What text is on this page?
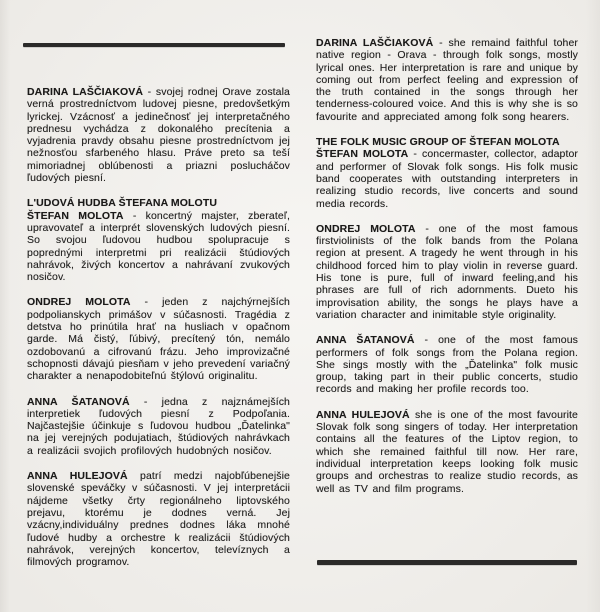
DARINA LAŠČIAKOVÁ - svojej rodnej Orave zostala verná prostredníctvom ludovej piesne, predovšetkým lyrickej. Vzácnosť a jedinečnosť jej interpretačného prednesu vychádza z dokonalého precítenia a vyjadrenia pravdy obsahu piesne prostredníctvom jej nežnosťou sfarbeného hlasu. Práve preto sa teší mimoriadnej oblúbenosti a priazni poslucháčov ľudových piesní.

L'UDOVÁ HUDBA ŠTEFANA MOLOTU

ŠTEFAN MOLOTA - koncertný majster, zberateľ, upravovateľ a interprét slovenských ludových piesní. So svojou ľudovou hudbou spolupracuje s poprednými interpretmi pri realizácii štúdiových nahrávok, živých koncertov a nahrávaní zvukových nosičov.

ONDREJ MOLOTA - jeden z najchýrnejších podpolianskych primášov v súčasnosti. Tragédia z detstva ho prinútila hrať na husliach v opačnom garde. Má čistý, ľúbivý, precítený tón, nemálo ozdobovanú a cifrovanú frázu. Jeho improvizačné schopnosti dávajú piesňam v jeho prevedení variačný charakter a nenapodobiteľnú štýlovú originalitu.

ANNA ŠATANOVÁ - jedna z najznámejších interpretiek ľudových piesní z Podpoľania. Najčastejšie účinkuje s ľudovou hudbou „Ďatelinka" na jej verejných podujatiach, štúdiových nahrávkach a realizácii svojich profilových hudobných nosičov.

ANNA HULEJOVÁ patrí medzi najobľúbenejšie slovenské speváčky v súčasnosti. V jej interpretácii nájdeme všetky črty regionálneho liptovského prejavu, ktorému je dodnes verná. Jej vzácny,individuálny prednes dodnes láka mnohé ľudové hudby a orchestre k realizácii štúdiových nahrávok, verejných koncertov, televíznych a filmových programov.

DARINA LAŠČIAKOVÁ - she remaind faithful toher native region - Orava - through folk songs, mostly lyrical ones. Her interpretation is rare and unique by coming out from perfect feeling and expression of the truth contained in the songs through her tenderness-coloured voice. And this is why she is so favourite and appreciated among folk song hearers.

THE FOLK MUSIC GROUP OF ŠTEFAN MOLOTA

ŠTEFAN MOLOTA - concermaster, collector, adaptor and performer of Slovak folk songs. His folk music band cooperates with outstanding interpreters in realizing studio records, live concerts and sound media records.

ONDREJ MOLOTA - one of the most famous firstviolinists of the folk bands from the Polana region at present. A tragedy he went through in his childhood forced him to play violin in reverse guard. His tone is pure, full of inward feeling,and his phrases are full of rich adornments. Dueto his improvisation ability, the songs he plays have a variation character and inimitable style originality.

ANNA ŠATANOVÁ - one of the most famous performers of folk songs from the Polana region. She sings mostly with the „Ďatelinka" folk music group, taking part in their public concerts, studio records and making her profile records too.

ANNA HULEJOVÁ she is one of the most favourite Slovak folk song singers of today. Her interpretation contains all the features of the Liptov region, to which she remained faithful till now. Her rare, individual interpretation keeps looking folk music groups and orchestras to realize studio records, as well as TV and film programs.
